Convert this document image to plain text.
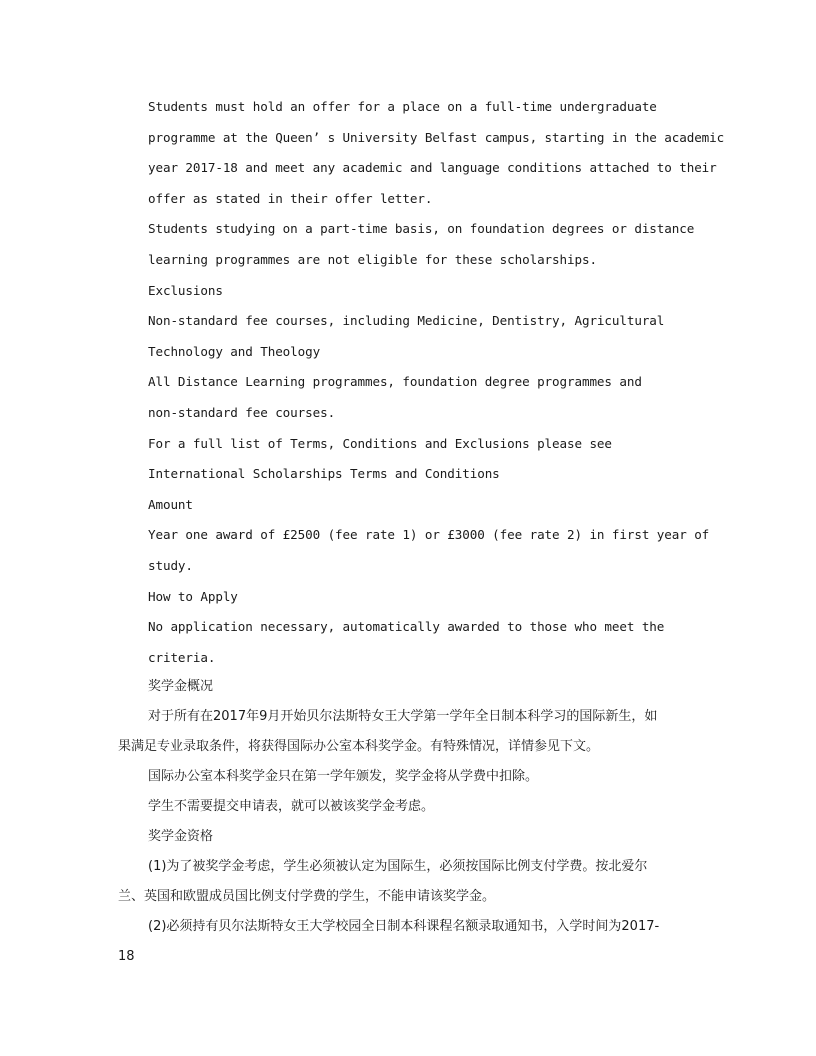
Students must hold an offer for a place on a full-time undergraduate
programme at the Queen’ s University Belfast campus, starting in the academic
year 2017-18 and meet any academic and language conditions attached to their
offer as stated in their offer letter.
Students studying on a part-time basis, on foundation degrees or distance
learning programmes are not eligible for these scholarships.
Exclusions
Non-standard fee courses, including Medicine, Dentistry, Agricultural
Technology and Theology
All Distance Learning programmes, foundation degree programmes and
non-standard fee courses.
For a full list of Terms, Conditions and Exclusions please see
International Scholarships Terms and Conditions
Amount
Year one award of £2500 (fee rate 1) or £3000 (fee rate 2) in first year of
study.
How to Apply
No application necessary, automatically awarded to those who meet the
criteria.
奖学金概况
对于所有在2017年9月开始贝尔法斯特女王大学第一学年全日制本科学习的国际新生，如
果满足专业录取条件，将获得国际办公室本科奖学金。有特殊情况，详情参见下文。
国际办公室本科奖学金只在第一学年颁发，奖学金将从学费中扣除。
学生不需要提交申请表，就可以被该奖学金考虑。
奖学金资格
(1)为了被奖学金考虑，学生必须被认定为国际生，必须按国际比例支付学费。按北爱尔
兰、英国和欧盟成员国比例支付学费的学生，不能申请该奖学金。
(2)必须持有贝尔法斯特女王大学校园全日制本科课程名额录取通知书，入学时间为2017-
18
